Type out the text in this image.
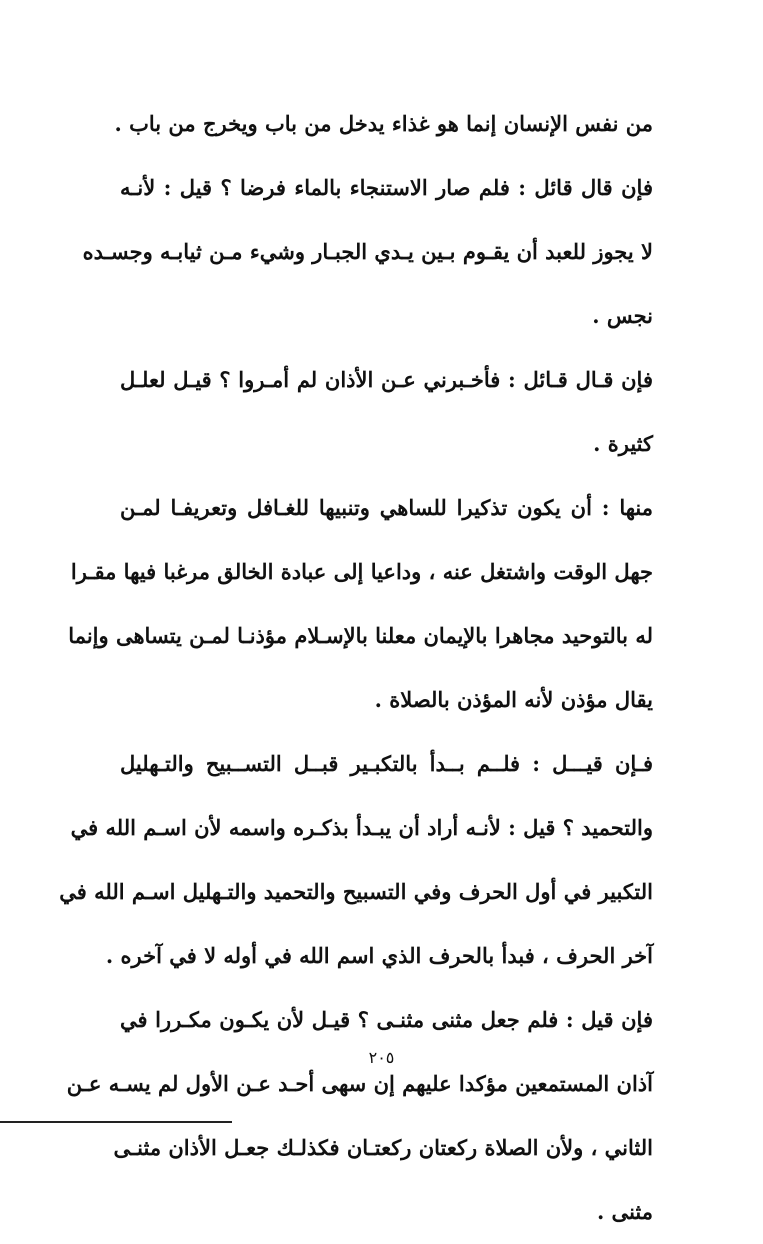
من نفس الإنسان إنما هو غذاء يدخل من باب ويخرج من باب .
فإن قال قائل : فلم صار الاستنجاء بالماء فرضا ؟ قيل : لأنـه
لا يجوز للعبد أن يقـوم بـين يـدي الجبـار وشيء مـن ثيابـه وجسـده
نجس .
فإن قـال قـائل : فأخـبرني عـن الأذان لم أمـروا ؟ قيـل لعلـل
كثيرة .
منها : أن يكون تذكيرا للساهي وتنبيها للغـافل وتعريفـا لمـن
جهل الوقت واشتغل عنه ، وداعيا إلى عبادة الخالق مرغبا فيها مقـرا
له بالتوحيد مجاهرا بالإيمان معلنا بالإسـلام مؤذنـا لمـن يتساهى وإنما
يقال مؤذن لأنه المؤذن بالصلاة .
فـإن قيـــل : فلــم بــدأ بالتكبـير قبــل التســبيح والتـهليل
والتحميد ؟ قيل : لأنـه أراد أن يبـدأ بذكـره واسمه لأن اسـم الله في
التكبير في أول الحرف وفي التسبيح والتحميد والتـهليل اسـم الله في
آخر الحرف ، فبدأ بالحرف الذي اسم الله في أوله لا في آخره .
فإن قيل : فلم جعل مثنى مثنـى ؟ قيـل لأن يكـون مكـررا في
آذان المستمعين مؤكدا عليهم إن سهى أحـد عـن الأول لم يسـه عـن
الثاني ، ولأن الصلاة ركعتان ركعتـان فكذلـك جعـل الأذان مثنـى
مثنى .
٢٠٥
